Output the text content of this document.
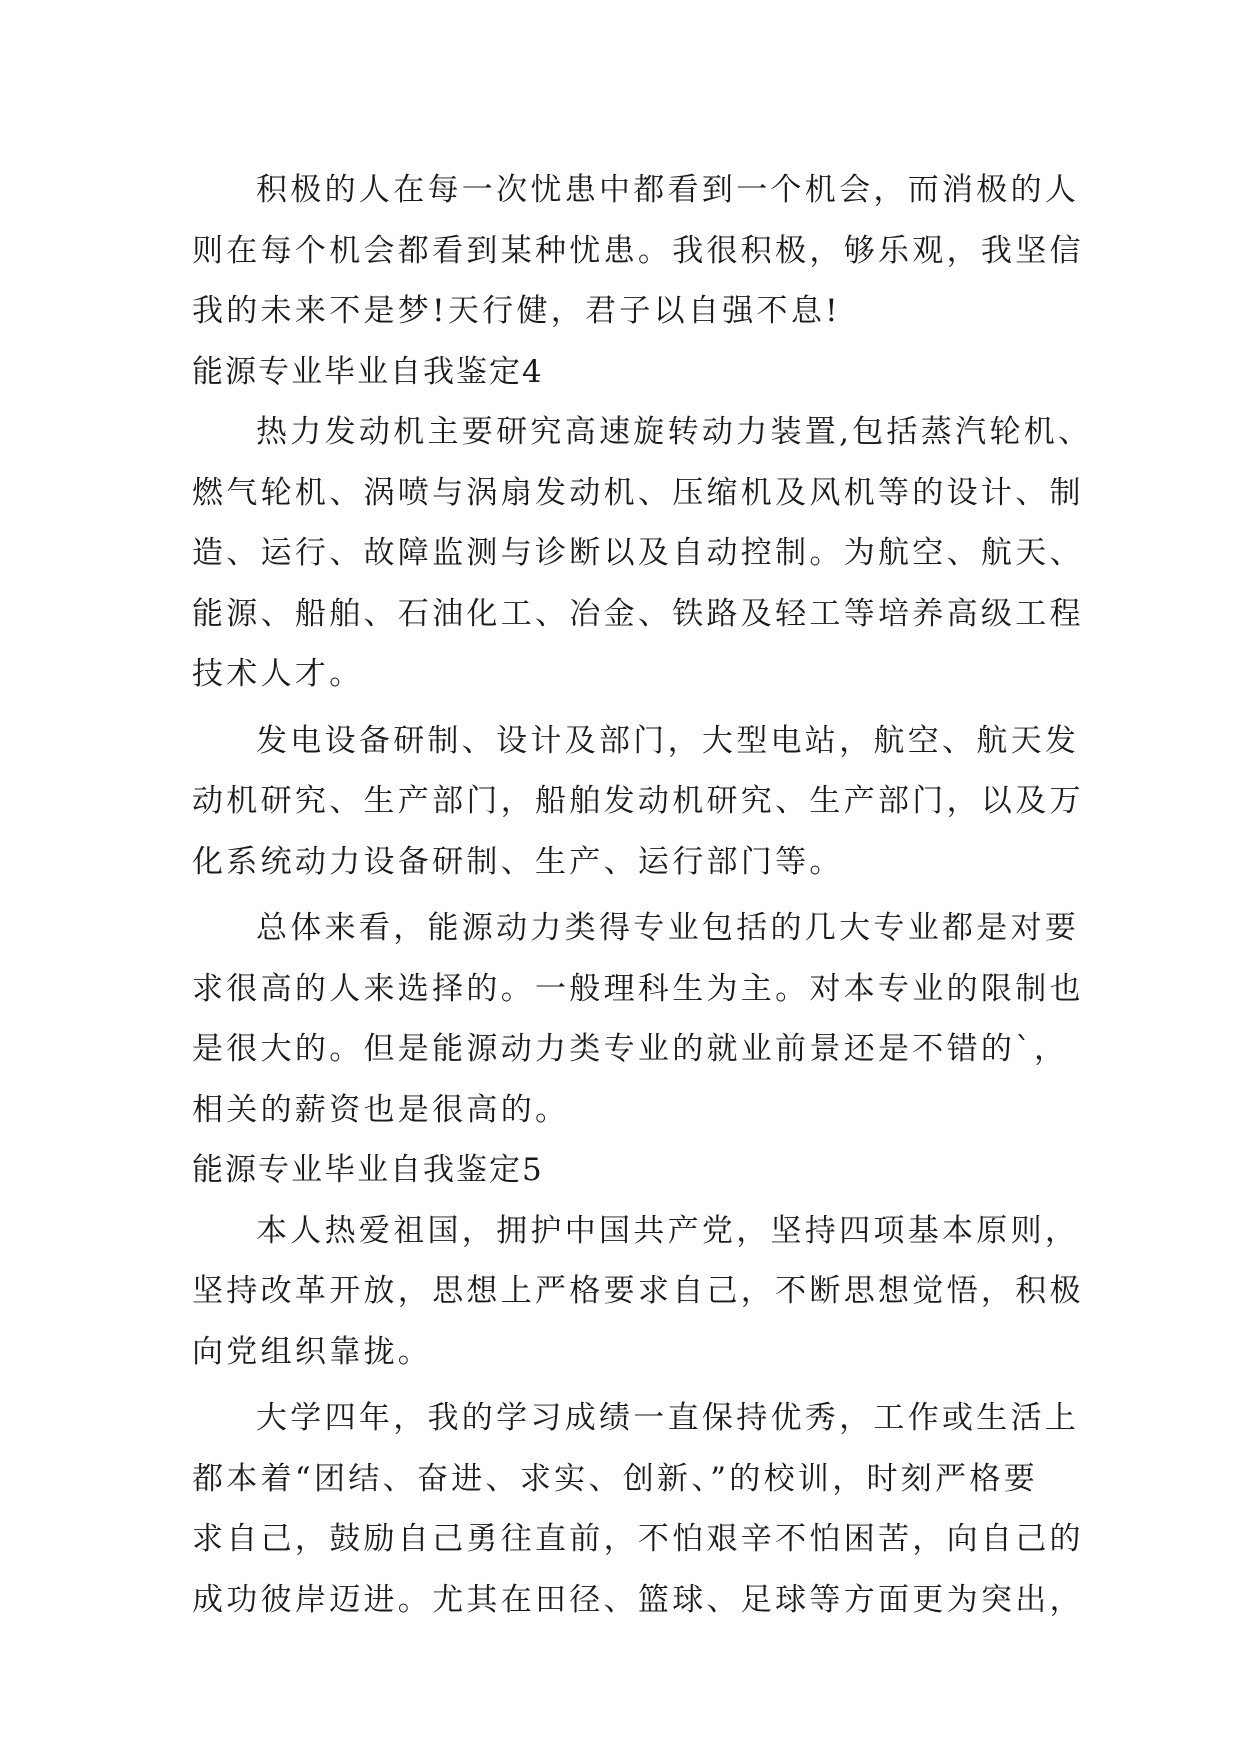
积极的人在每一次忧患中都看到一个机会，而消极的人
则在每个机会都看到某种忧患。我很积极，够乐观，我坚信
我的未来不是梦!天行健，君子以自强不息!
能源专业毕业自我鉴定4
热力发动机主要研究高速旋转动力装置,包括蒸汽轮机、
燃气轮机、涡喷与涡扇发动机、压缩机及风机等的设计、制
造、运行、故障监测与诊断以及自动控制。为航空、航天、
能源、船舶、石油化工、冶金、铁路及轻工等培养高级工程
技术人才。
发电设备研制、设计及部门，大型电站，航空、航天发
动机研究、生产部门，船舶发动机研究、生产部门，以及万
化系统动力设备研制、生产、运行部门等。
总体来看，能源动力类得专业包括的几大专业都是对要
求很高的人来选择的。一般理科生为主。对本专业的限制也
是很大的。但是能源动力类专业的就业前景还是不错的`，
相关的薪资也是很高的。
能源专业毕业自我鉴定5
本人热爱祖国，拥护中国共产党，坚持四项基本原则，
坚持改革开放，思想上严格要求自己，不断思想觉悟，积极
向党组织靠拢。
大学四年，我的学习成绩一直保持优秀，工作或生活上
都本着“团结、奋进、求实、创新、”的校训，时刻严格要
求自己，鼓励自己勇往直前，不怕艰辛不怕困苦，向自己的
成功彼岸迈进。尤其在田径、篮球、足球等方面更为突出，
